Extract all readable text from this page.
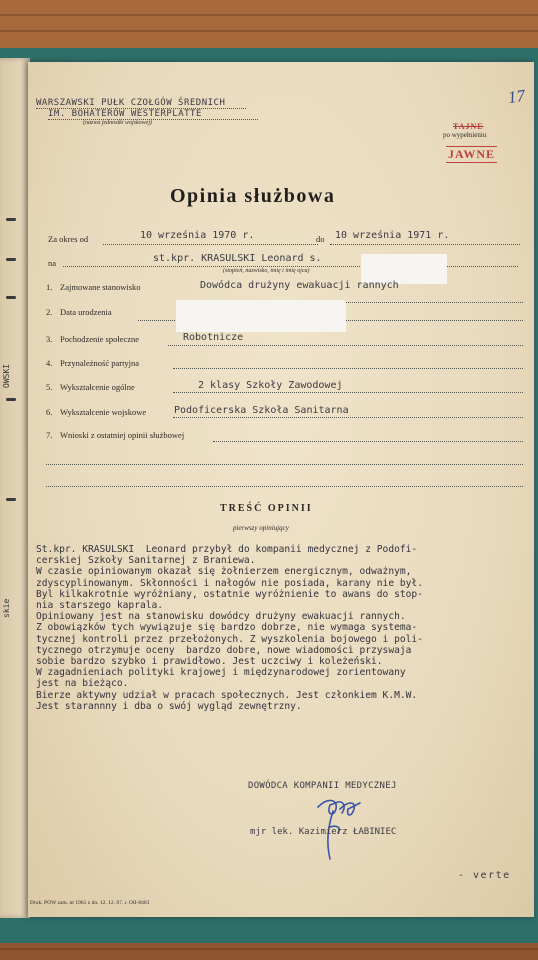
OWSKI
skie
WARSZAWSKI PUŁK CZOŁGÓW ŚREDNICH
IM. BOHATERÓW WESTERPLATTE
(nazwa jednostki wojskowej)
17
TAJNE
po wypełnieniu
JAWNE
Opinia służbowa
Za okres od	10 września 1970 r.	do 10 września 1971 r.
na	st.kpr. KRASULSKI Leonard s.
(stopień, nazwisko, imię i imię ojca)
1. Zajmowane stanowisko	Dowódca drużyny ewakuacji rannych
2. Data urodzenia
3. Pochodzenie społeczne	Robotnicze
4. Przynależność partyjna
5. Wykształcenie ogólne	2 klasy Szkoły Zawodowej
6. Wykształcenie wojskowe	Podoficerska Szkoła Sanitarna
7. Wnioski z ostatniej opinii służbowej
TREŚĆ OPINII
pierwszy opiniujący
St.kpr. KRASULSKI  Leonard przybył do kompanii medycznej z Podofi-
cerskiej Szkoły Sanitarnej z Braniewa.
W czasie opiniowanym okazał się żołnierzem energicznym, odważnym,
zdyscyplinowanym. Skłonności i nałogów nie posiada, karany nie był.
Byl kilkakrotnie wyróżniany, ostatnie wyróżnienie to awans do stop-
nia starszego kaprala.
Opiniowany jest na stanowisku dowódcy drużyny ewakuacji rannych.
Z obowiązków tych wywiązuje się bardzo dobrze, nie wymaga systema-
tycznej kontroli przez przełożonych. Z wyszkolenia bojowego i poli-
tycznego otrzymuje oceny  bardzo dobre, nowe wiadomości przyswaja
sobie bardzo szybko i prawidłowo. Jest uczciwy i koleżeński.
W zagadnieniach polityki krajowej i międzynarodowej zorientowany
jest na bieżąco.
Bierze aktywny udział w pracach społecznych. Jest członkiem K.M.W.
Jest starannny i dba o swój wygląd zewnętrzny.
DOWÓDCA KOMPANII MEDYCZNEJ
mjr lek. Kazimierz ŁABINIEC
- verte
Druk. POW zam. nr 1961 z dn. 12. 12. 67. r. OII-8483
